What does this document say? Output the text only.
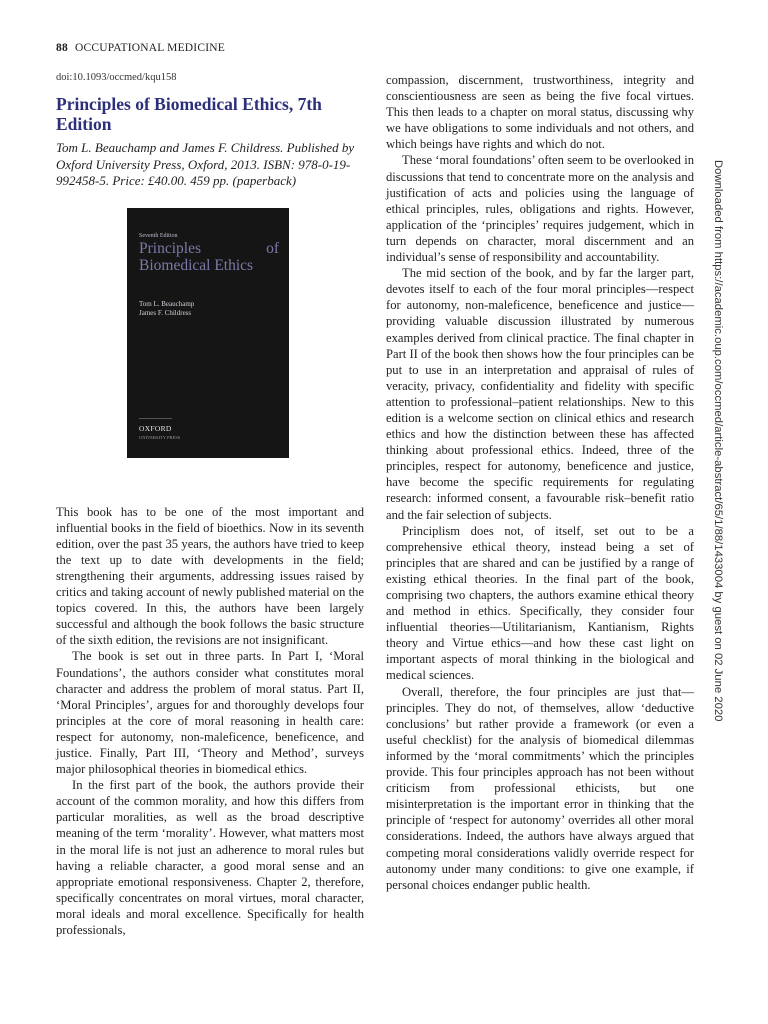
88 OCCUPATIONAL MEDICINE
doi:10.1093/occmed/kqu158
Principles of Biomedical Ethics, 7th Edition
Tom L. Beauchamp and James F. Childress. Published by Oxford University Press, Oxford, 2013. ISBN: 978-0-19-992458-5. Price: £40.00. 459 pp. (paperback)
Seventh Edition
Principles of Biomedical Ethics
Tom L. Beauchamp
James F. Childress
OXFORD
UNIVERSITY PRESS

This book has to be one of the most important and influential books in the field of bioethics. Now in its seventh edition, over the past 35 years, the authors have tried to keep the text up to date with developments in the field; strengthening their arguments, addressing issues raised by critics and taking account of newly published material on the topics covered. In this, the authors have been largely successful and although the book follows the basic structure of the sixth edition, the revisions are not insignificant.

The book is set out in three parts. In Part I, ‘Moral Foundations’, the authors consider what constitutes moral character and address the problem of moral status. Part II, ‘Moral Principles’, argues for and thoroughly develops four principles at the core of moral reasoning in health care: respect for autonomy, non-maleficence, beneficence, and justice. Finally, Part III, ‘Theory and Method’, surveys major philosophical theories in biomedical ethics.

In the first part of the book, the authors provide their account of the common morality, and how this differs from particular moralities, as well as the broad descriptive meaning of the term ‘morality’. However, what matters most in the moral life is not just an adherence to moral rules but having a reliable character, a good moral sense and an appropriate emotional responsiveness. Chapter 2, therefore, specifically concentrates on moral virtues, moral character, moral ideals and moral excellence. Specifically for health professionals,

compassion, discernment, trustworthiness, integrity and conscientiousness are seen as being the five focal virtues. This then leads to a chapter on moral status, discussing why we have obligations to some individuals and not others, and which beings have rights and which do not.

These ‘moral foundations’ often seem to be overlooked in discussions that tend to concentrate more on the analysis and justification of acts and policies using the language of ethical principles, rules, obligations and rights. However, application of the ‘principles’ requires judgement, which in turn depends on character, moral discernment and an individual’s sense of responsibility and accountability.

The mid section of the book, and by far the larger part, devotes itself to each of the four moral principles—respect for autonomy, non-maleficence, beneficence and justice—providing valuable discussion illustrated by numerous examples derived from clinical practice. The final chapter in Part II of the book then shows how the four principles can be put to use in an interpretation and appraisal of rules of veracity, privacy, confidentiality and fidelity with specific attention to professional–patient relationships. New to this edition is a welcome section on clinical ethics and research ethics and how the distinction between these has affected thinking about professional ethics. Indeed, three of the principles, respect for autonomy, beneficence and justice, have become the specific requirements for regulating research: informed consent, a favourable risk–benefit ratio and the fair selection of subjects.

Principlism does not, of itself, set out to be a comprehensive ethical theory, instead being a set of principles that are shared and can be justified by a range of existing ethical theories. In the final part of the book, comprising two chapters, the authors examine ethical theory and method in ethics. Specifically, they consider four influential theories—Utilitarianism, Kantianism, Rights theory and Virtue ethics—and how these cast light on important aspects of moral thinking in the biological and medical sciences.

Overall, therefore, the four principles are just that—principles. They do not, of themselves, allow ‘deductive conclusions’ but rather provide a framework (or even a useful checklist) for the analysis of biomedical dilemmas informed by the ‘moral commitments’ which the principles provide. This four principles approach has not been without criticism from professional ethicists, but one misinterpretation is the important error in thinking that the principle of ‘respect for autonomy’ overrides all other moral considerations. Indeed, the authors have always argued that competing moral considerations validly override respect for autonomy under many conditions: to give one example, if personal choices endanger public health.

Downloaded from https://academic.oup.com/occmed/article-abstract/65/1/88/1433004 by guest on 02 June 2020
